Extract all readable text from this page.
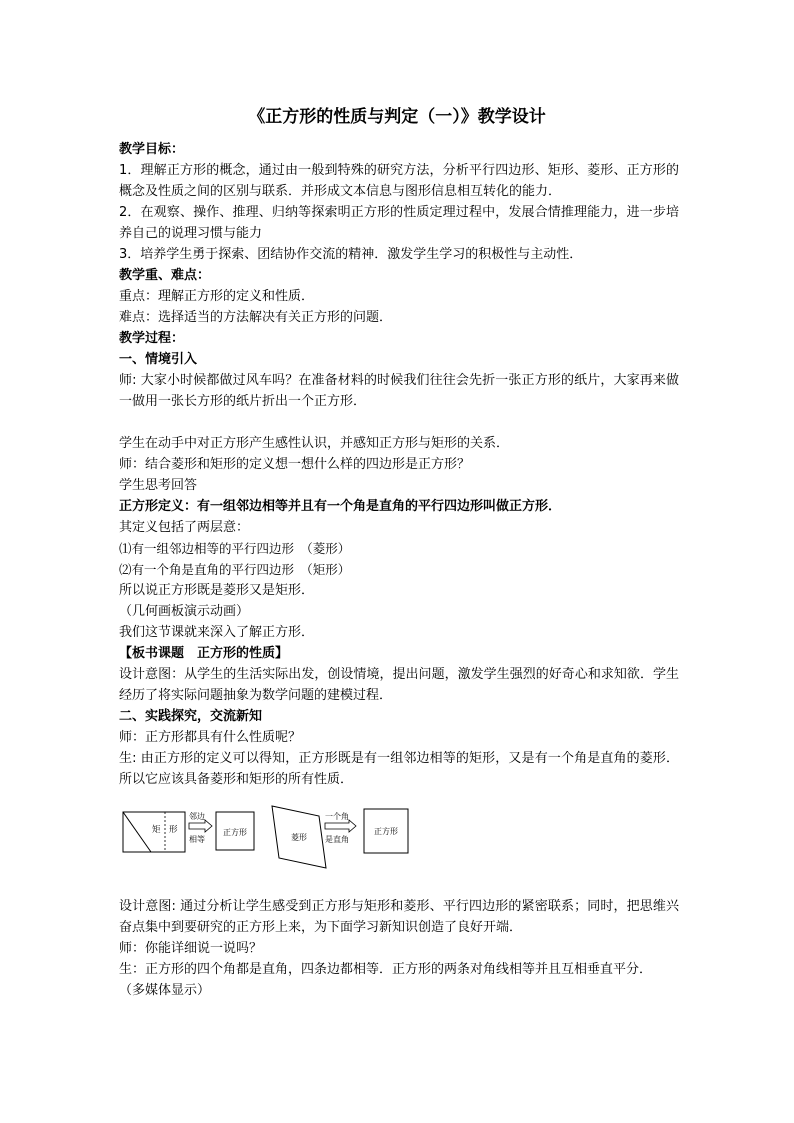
《正方形的性质与判定（一）》教学设计

教学目标：

1．理解正方形的概念，通过由一般到特殊的研究方法，分析平行四边形、矩形、菱形、正方形的概念及性质之间的区别与联系．并形成文本信息与图形信息相互转化的能力．

2．在观察、操作、推理、归纳等探索明正方形的性质定理过程中，发展合情推理能力，进一步培养自己的说理习惯与能力

3．培养学生勇于探索、团结协作交流的精神．激发学生学习的积极性与主动性．

教学重、难点：

重点：理解正方形的定义和性质．

难点：选择适当的方法解决有关正方形的问题．

教学过程：

一、情境引入

师: 大家小时候都做过风车吗？在准备材料的时候我们往往会先折一张正方形的纸片，大家再来做一做用一张长方形的纸片折出一个正方形．

学生在动手中对正方形产生感性认识，并感知正方形与矩形的关系．

师：结合菱形和矩形的定义想一想什么样的四边形是正方形？

学生思考回答

正方形定义：有一组邻边相等并且有一个角是直角的平行四边形叫做正方形．

其定义包括了两层意：

⑴有一组邻边相等的平行四边形　（菱形）

⑵有一个角是直角的平行四边形　（矩形）

所以说正方形既是菱形又是矩形．

（几何画板演示动画）

我们这节课就来深入了解正方形．

【板书课题　正方形的性质】

设计意图：从学生的生活实际出发，创设情境，提出问题，激发学生强烈的好奇心和求知欲．学生经历了将实际问题抽象为数学问题的建模过程．

二、实践探究，交流新知

师：正方形都具有什么性质呢？

生: 由正方形的定义可以得知，正方形既是有一组邻边相等的矩形，又是有一个角是直角的菱形．所以它应该具备菱形和矩形的所有性质．

矩　形
邻边
相等
正方形
菱形
一个角
是直角
正方形

设计意图: 通过分析让学生感受到正方形与矩形和菱形、平行四边形的紧密联系；同时，把思维兴奋点集中到要研究的正方形上来，为下面学习新知识创造了良好开端．

师：你能详细说一说吗？

生：正方形的四个角都是直角，四条边都相等．正方形的两条对角线相等并且互相垂直平分．

（多媒体显示）
